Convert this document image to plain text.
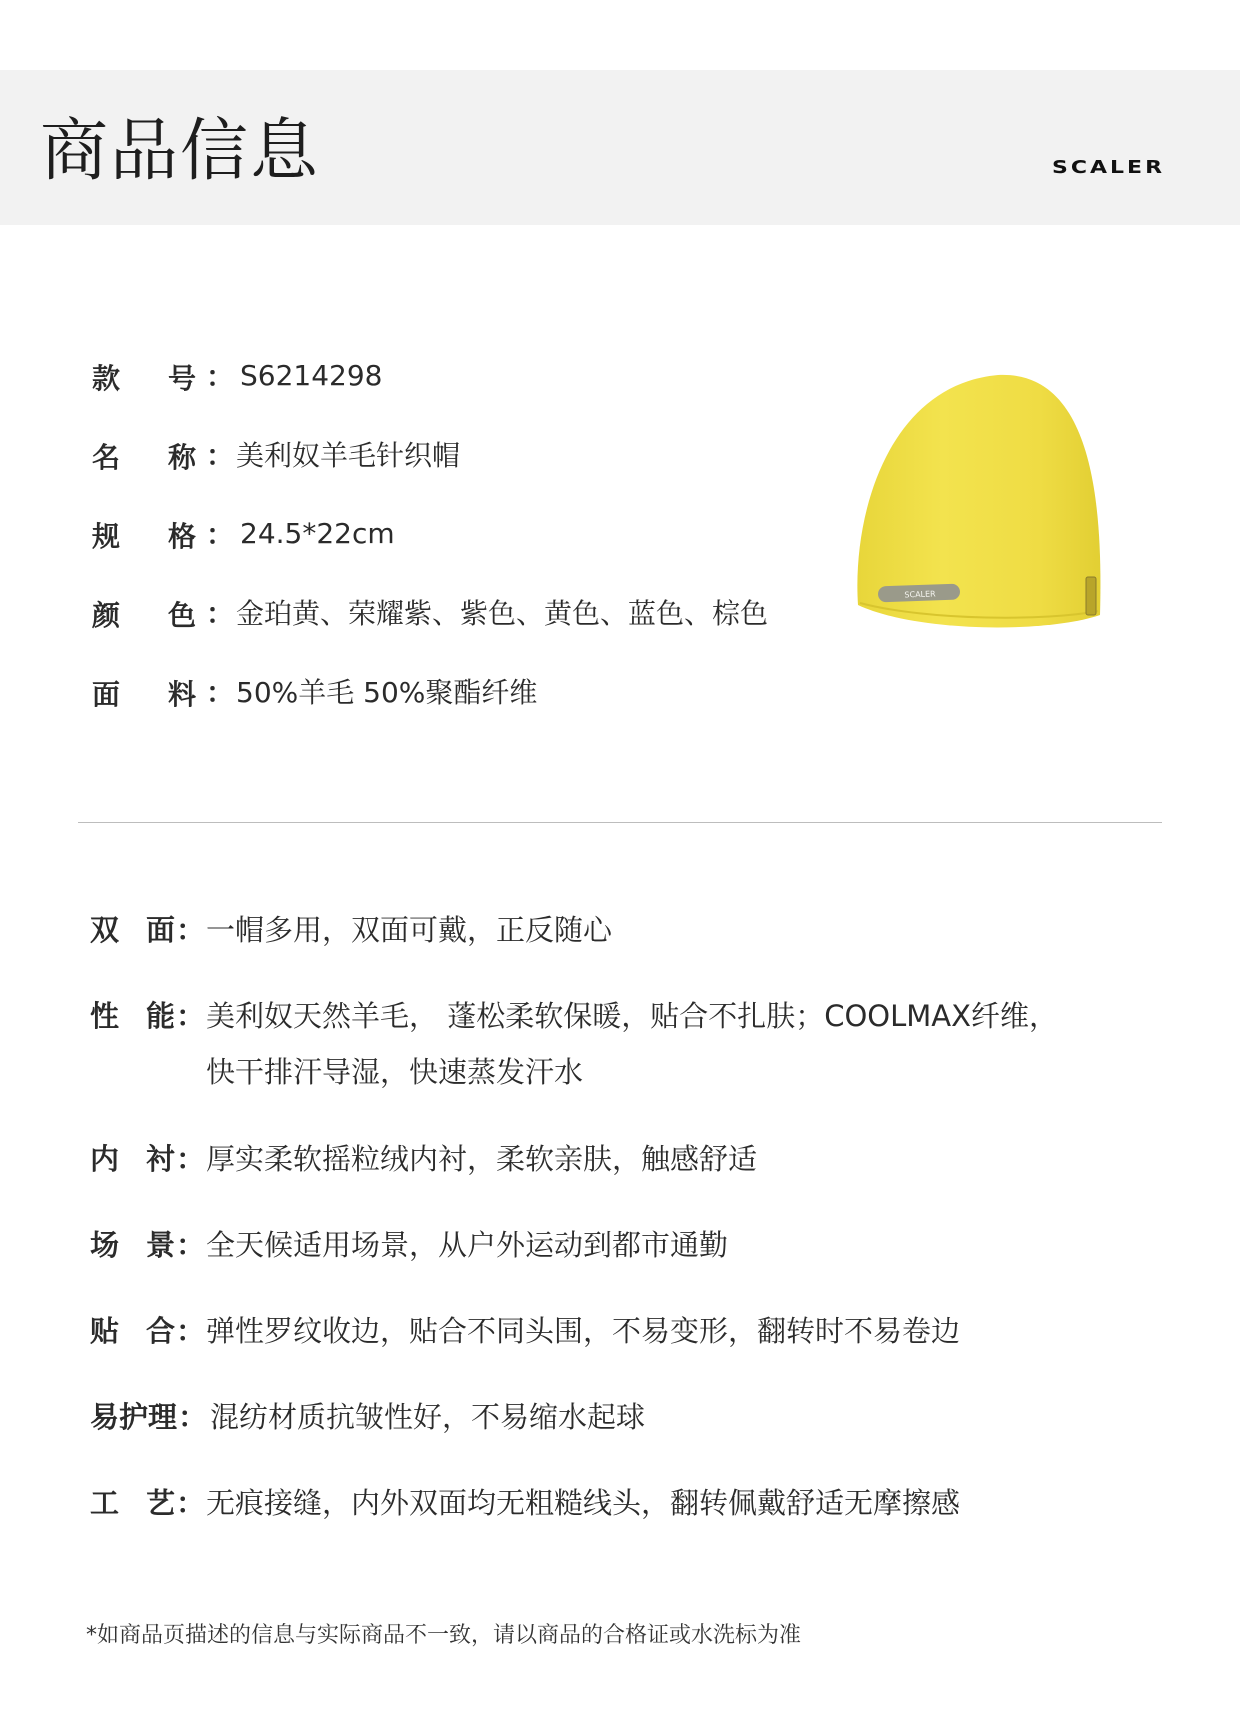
商品信息	SCALER
款 号 ： S6214298
名 称 ： 美利奴羊毛针织帽
规 格 ： 24.5*22cm
颜 色 ： 金珀黄、荣耀紫、紫色、黄色、蓝色、棕色
面 料 ： 50%羊毛 50%聚酯纤维
SCALER
双 面 ： 一帽多用，双面可戴，正反随心
性 能 ： 美利奴天然羊毛， 蓬松柔软保暖，贴合不扎肤；COOLMAX纤维，
快干排汗导湿，快速蒸发汗水
内 衬 ： 厚实柔软摇粒绒内衬，柔软亲肤，触感舒适
场 景 ： 全天候适用场景，从户外运动到都市通勤
贴 合 ： 弹性罗纹收边，贴合不同头围，不易变形，翻转时不易卷边
易护理 ： 混纺材质抗皱性好，不易缩水起球
工 艺 ： 无痕接缝，内外双面均无粗糙线头，翻转佩戴舒适无摩擦感
*如商品页描述的信息与实际商品不一致，请以商品的合格证或水洗标为准
